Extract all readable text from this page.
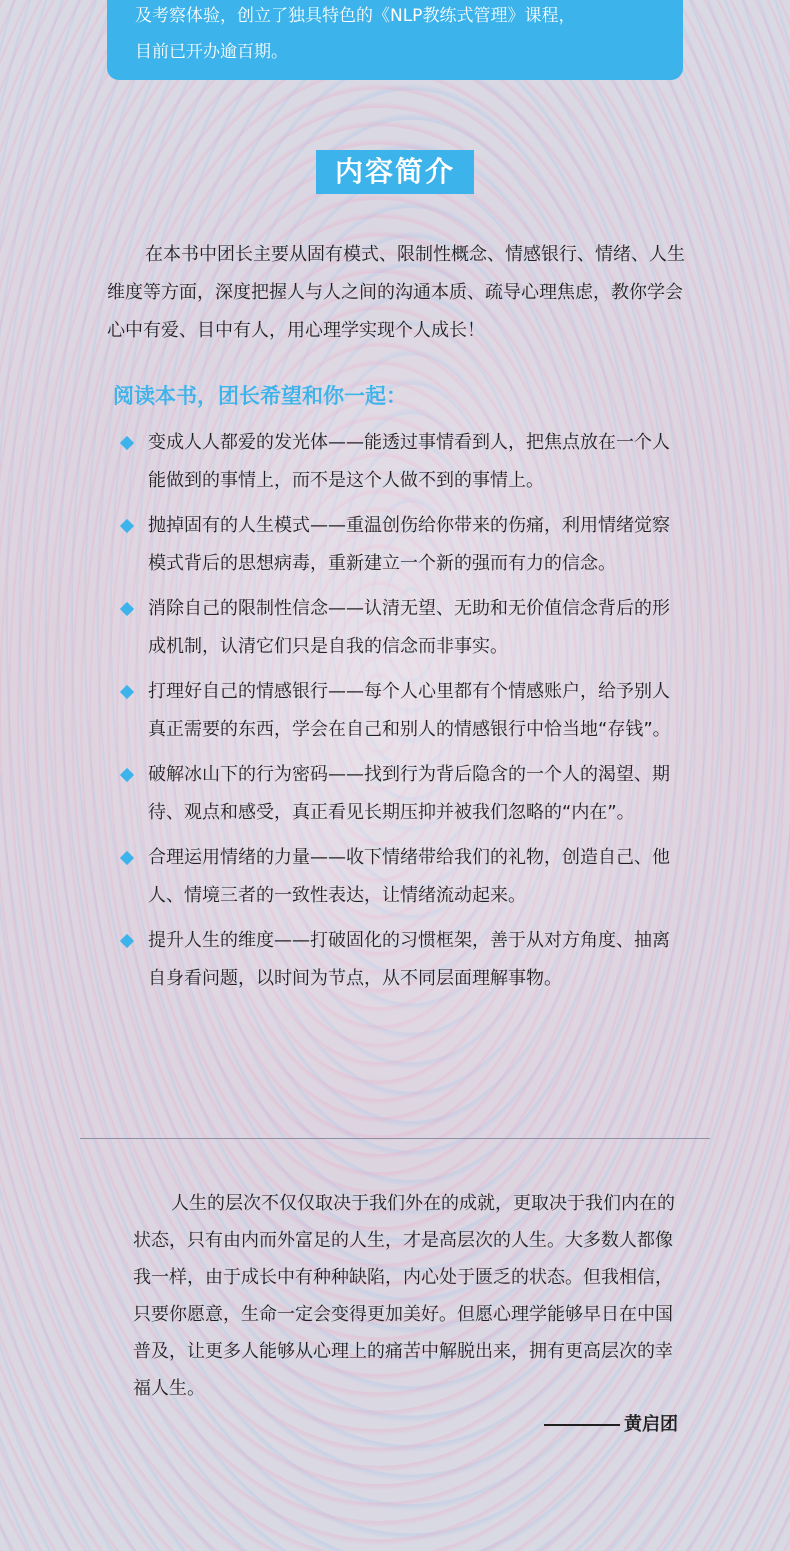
及考察体验，创立了独具特色的《NLP教练式管理》课程，

目前已开办逾百期。

内容简介

在本书中团长主要从固有模式、限制性概念、情感银行、情绪、人生维度等方面，深度把握人与人之间的沟通本质、疏导心理焦虑，教你学会心中有爱、目中有人，用心理学实现个人成长！

阅读本书，团长希望和你一起：

变成人人都爱的发光体——能透过事情看到人，把焦点放在一个人能做到的事情上，而不是这个人做不到的事情上。
抛掉固有的人生模式——重温创伤给你带来的伤痛，利用情绪觉察模式背后的思想病毒，重新建立一个新的强而有力的信念。
消除自己的限制性信念——认清无望、无助和无价值信念背后的形成机制，认清它们只是自我的信念而非事实。
打理好自己的情感银行——每个人心里都有个情感账户，给予别人真正需要的东西，学会在自己和别人的情感银行中恰当地“存钱”。
破解冰山下的行为密码——找到行为背后隐含的一个人的渴望、期待、观点和感受，真正看见长期压抑并被我们忽略的“内在”。
合理运用情绪的力量——收下情绪带给我们的礼物，创造自己、他人、情境三者的一致性表达，让情绪流动起来。
提升人生的维度——打破固化的习惯框架，善于从对方角度、抽离自身看问题，以时间为节点，从不同层面理解事物。

人生的层次不仅仅取决于我们外在的成就，更取决于我们内在的状态，只有由内而外富足的人生，才是高层次的人生。大多数人都像我一样，由于成长中有种种缺陷，内心处于匮乏的状态。但我相信，只要你愿意，生命一定会变得更加美好。但愿心理学能够早日在中国普及，让更多人能够从心理上的痛苦中解脱出来，拥有更高层次的幸福人生。

黄启团
